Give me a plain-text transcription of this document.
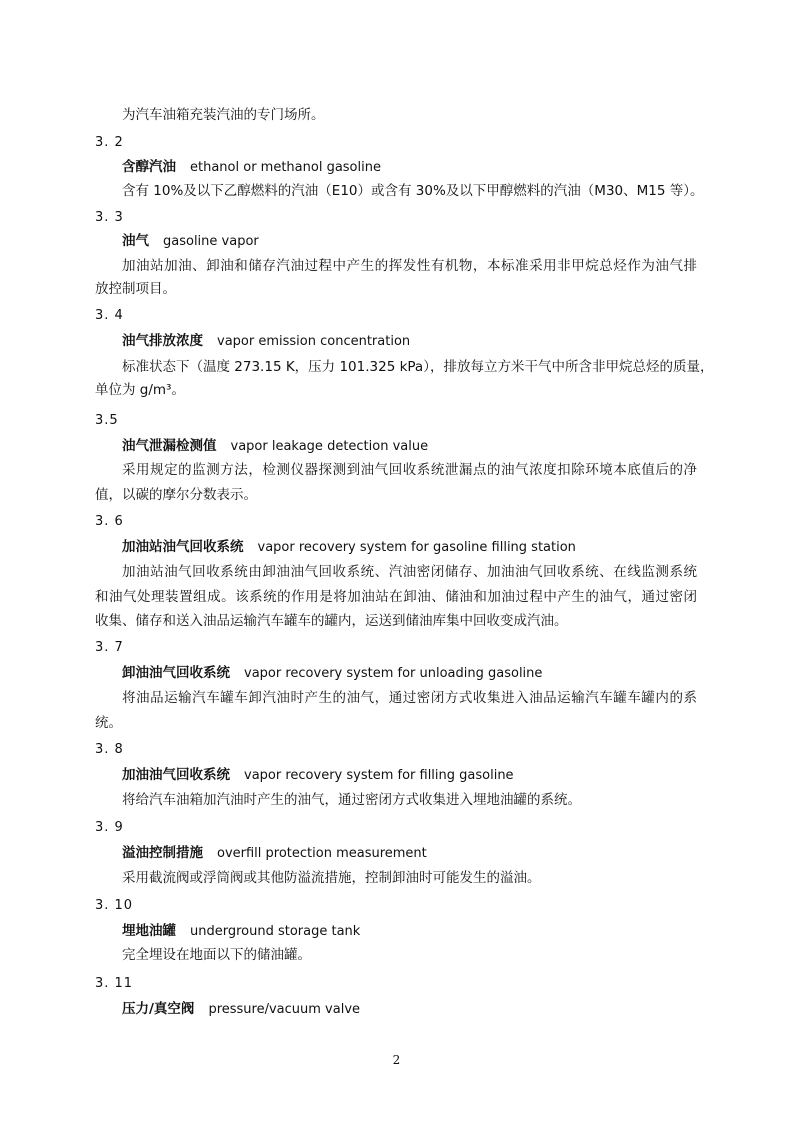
为汽车油箱充装汽油的专门场所。
3. 2
含醇汽油 ethanol or methanol gasoline
含有 10%及以下乙醇燃料的汽油（E10）或含有 30%及以下甲醇燃料的汽油（M30、M15 等）。
3. 3
油气 gasoline vapor
加油站加油、卸油和储存汽油过程中产生的挥发性有机物，本标准采用非甲烷总烃作为油气排
放控制项目。
3. 4
油气排放浓度 vapor emission concentration
标准状态下（温度 273.15 K，压力 101.325 kPa），排放每立方米干气中所含非甲烷总烃的质量，
单位为 g/m³。
3.5
油气泄漏检测值 vapor leakage detection value
采用规定的监测方法，检测仪器探测到油气回收系统泄漏点的油气浓度扣除环境本底值后的净
值，以碳的摩尔分数表示。
3. 6
加油站油气回收系统 vapor recovery system for gasoline filling station
加油站油气回收系统由卸油油气回收系统、汽油密闭储存、加油油气回收系统、在线监测系统
和油气处理装置组成。该系统的作用是将加油站在卸油、储油和加油过程中产生的油气，通过密闭
收集、储存和送入油品运输汽车罐车的罐内，运送到储油库集中回收变成汽油。
3. 7
卸油油气回收系统 vapor recovery system for unloading gasoline
将油品运输汽车罐车卸汽油时产生的油气，通过密闭方式收集进入油品运输汽车罐车罐内的系
统。
3. 8
加油油气回收系统 vapor recovery system for filling gasoline
将给汽车油箱加汽油时产生的油气，通过密闭方式收集进入埋地油罐的系统。
3. 9
溢油控制措施 overfill protection measurement
采用截流阀或浮筒阀或其他防溢流措施，控制卸油时可能发生的溢油。
3. 10
埋地油罐 underground storage tank
完全埋设在地面以下的储油罐。
3. 11
压力/真空阀 pressure/vacuum valve
2
